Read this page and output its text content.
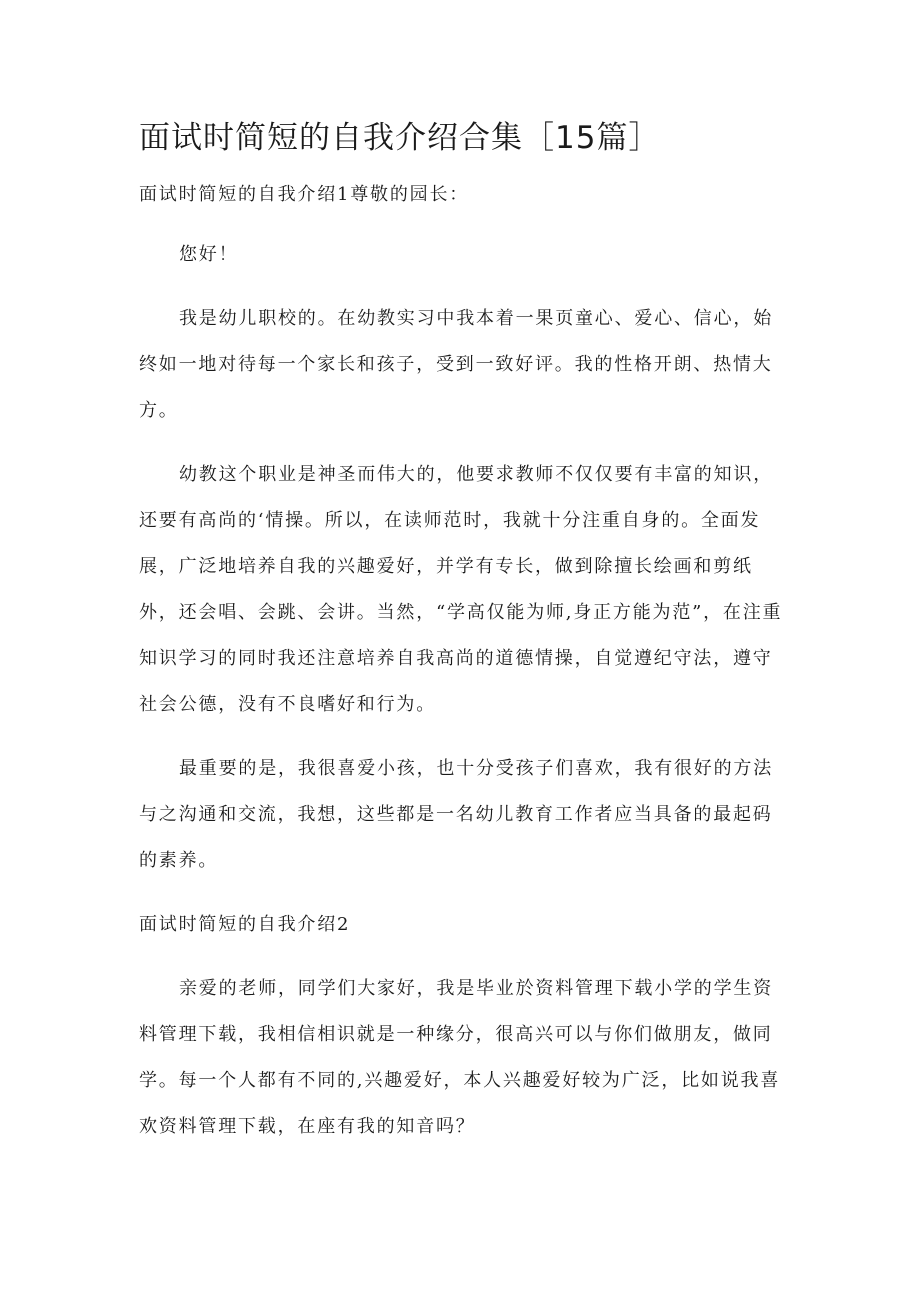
面试时简短的自我介绍合集［15篇］

面试时简短的自我介绍1尊敬的园长：

您好！

我是幼儿职校的。在幼教实习中我本着一果页童心、爱心、信心，始终如一地对待每一个家长和孩子，受到一致好评。我的性格开朗、热情大方。

幼教这个职业是神圣而伟大的，他要求教师不仅仅要有丰富的知识，还要有高尚的‘情操。所以，在读师范时，我就十分注重自身的。全面发展，广泛地培养自我的兴趣爱好，并学有专长，做到除擅长绘画和剪纸外，还会唱、会跳、会讲。当然，“学高仅能为师,身正方能为范”，在注重知识学习的同时我还注意培养自我高尚的道德情操，自觉遵纪守法，遵守社会公德，没有不良嗜好和行为。

最重要的是，我很喜爱小孩，也十分受孩子们喜欢，我有很好的方法与之沟通和交流，我想，这些都是一名幼儿教育工作者应当具备的最起码的素养。

面试时简短的自我介绍2

亲爱的老师，同学们大家好，我是毕业於资料管理下载小学的学生资料管理下载，我相信相识就是一种缘分，很高兴可以与你们做朋友，做同学。每一个人都有不同的,兴趣爱好，本人兴趣爱好较为广泛，比如说我喜欢资料管理下载，在座有我的知音吗？
